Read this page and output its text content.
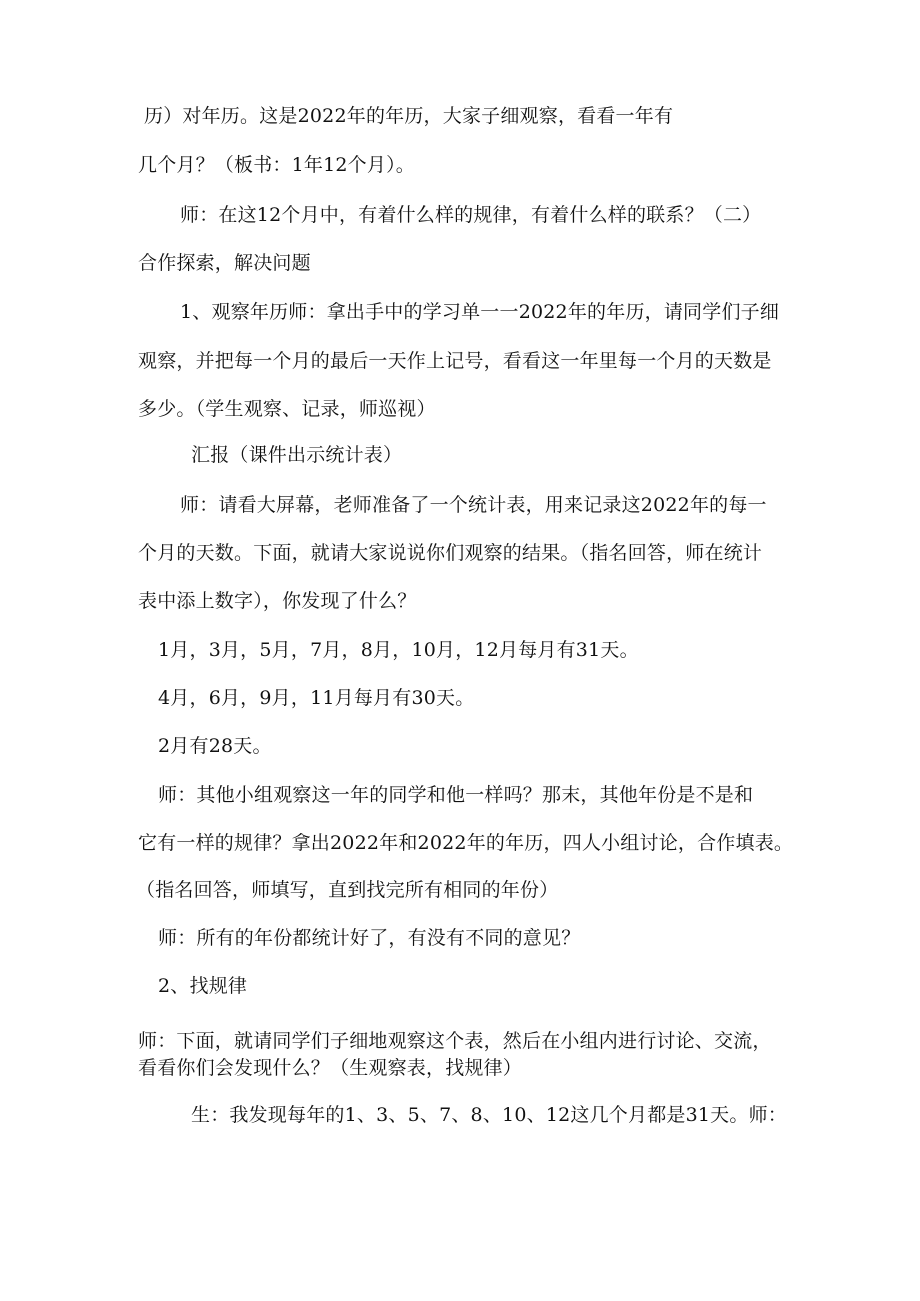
历）对年历。这是2022年的年历，大家子细观察，看看一年有
几个月？（板书：1年12个月）。
师：在这12个月中，有着什么样的规律，有着什么样的联系？（二）
合作探索，解决问题
1、观察年历师：拿出手中的学习单一一2022年的年历，请同学们子细
观察，并把每一个月的最后一天作上记号，看看这一年里每一个月的天数是
多少。（学生观察、记录，师巡视）
汇报（课件出示统计表）
师：请看大屏幕，老师准备了一个统计表，用来记录这2022年的每一
个月的天数。下面，就请大家说说你们观察的结果。（指名回答，师在统计
表中添上数字），你发现了什么？
1月，3月，5月，7月，8月，10月，12月每月有31天。
4月，6月，9月，11月每月有30天。
2月有28天。
师：其他小组观察这一年的同学和他一样吗？那末，其他年份是不是和
它有一样的规律？拿出2022年和2022年的年历，四人小组讨论，合作填表。
（指名回答，师填写，直到找完所有相同的年份）
师：所有的年份都统计好了，有没有不同的意见？
2、找规律
师：下面，就请同学们子细地观察这个表，然后在小组内进行讨论、交流，
看看你们会发现什么？（生观察表，找规律）
生：我发现每年的1、3、5、7、8、10、12这几个月都是31天。师：
